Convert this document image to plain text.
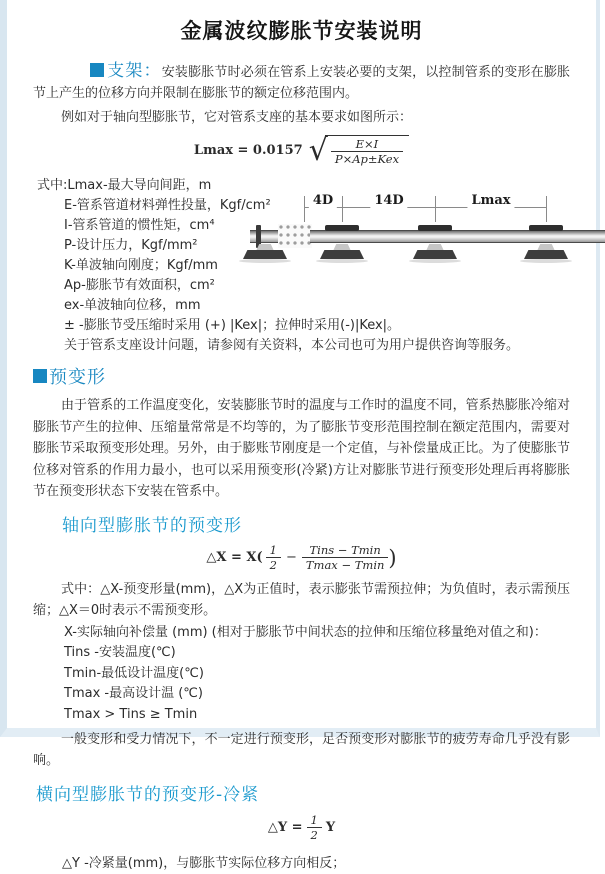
金属波纹膨胀节安装说明
支架：安装膨胀节时必须在管系上安装必要的支架，以控制管系的变形在膨胀节上产生的位移方向并限制在膨胀节的额定位移范围内。
例如对于轴向型膨胀节，它对管系支座的基本要求如图所示：
Lmax = 0.0157 √ $\frac{E\times I}{\text{P×Ap±Kex}}$
式中:Lmax-最大导向间距，m
E-管系管道材料弹性投量，Kgf/cm²
I-管系管道的惯性矩，cm⁴
P-设计压力，Kgf/mm²
K-单波轴向刚度；Kgf/mm
Ap-膨胀节有效面积，cm²
ex-单波轴向位移，mm
± -膨胀节受压缩时采用 (+) |Kex|；拉伸时采用(-)|Kex|。
关于管系支座设计问题，请参阅有关资料，本公司也可为用户提供咨询等服务。
4D	14D	Lmax
预变形
由于管系的工作温度变化，安装膨胀节时的温度与工作时的温度不同，管系热膨胀冷缩对膨胀节产生的拉伸、压缩量常常是不均等的，为了膨胀节变形范围控制在额定范围内，需要对膨胀节采取预变形处理。另外，由于膨账节刚度是一个定值，与补偿量成正比。为了使膨胀节位移对管系的作用力最小，也可以采用预变形(冷紧)方让对膨胀节进行预变形处理后再将膨胀节在预变形状态下安装在管系中。
轴向型膨胀节的预变形
△X = $X( \frac{1}{2} - \frac{\text{Tins − Tmin}}{Tmax - Tmin}$ )
式中：△X-预变形量(mm)，△X为正值时，表示膨张节需预拉伸；为负值时，表示需预压缩；△X＝0时表示不需预变形。
X-实际轴向补偿量 (mm) (相对于膨胀节中间状态的拉伸和压缩位移量绝对值之和)：
Tins -安装温度(℃)
Tmin-最低设计温度(℃)
Tmax -最高设计温 (℃)
Tmax > Tins ≥ Tmin
一般变形和受力情况下，不一定进行预变形，足否预变形对膨胀节的疲劳寿命几乎没有影响。
横向型膨胀节的预变形-冷紧
△Y = $\frac{1}{2}$ Y
△Y -冷紧量(mm)，与膨胀节实际位移方向相反；
